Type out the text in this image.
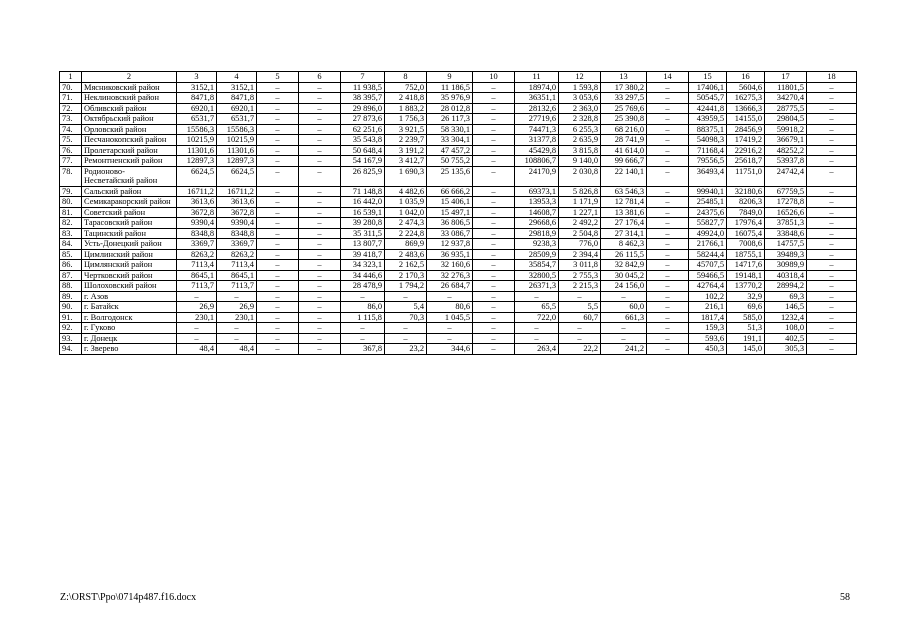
1	2	3	4	5	6	7	8	9	10	11	12	13	14	15	16	17	18
70.	Мясниковский район	3152,1	3152,1	–	–	11 938,5	752,0	11 186,5	–	18974,0	1 593,8	17 380,2	–	17406,1	5604,6	11801,5	–
71.	Неклиновский район	8471,8	8471,8	–	–	38 395,7	2 418,8	35 976,9	–	36351,1	3 053,6	33 297,5	–	50545,7	16275,3	34270,4	–
72.	Обливский район	6920,1	6920,1	–	–	29 896,0	1 883,2	28 012,8	–	28132,6	2 363,0	25 769,6	–	42441,8	13666,3	28775,5	–
73.	Октябрьский район	6531,7	6531,7	–	–	27 873,6	1 756,3	26 117,3	–	27719,6	2 328,8	25 390,8	–	43959,5	14155,0	29804,5	–
74.	Орловский район	15586,3	15586,3	–	–	62 251,6	3 921,5	58 330,1	–	74471,3	6 255,3	68 216,0	–	88375,1	28456,9	59918,2	–
75.	Песчанокопский район	10215,9	10215,9	–	–	35 543,8	2 239,7	33 304,1	–	31377,8	2 635,9	28 741,9	–	54098,3	17419,2	36679,1	–
76.	Пролетарский район	11301,6	11301,6	–	–	50 648,4	3 191,2	47 457,2	–	45429,8	3 815,8	41 614,0	–	71168,4	22916,2	48252,2	–
77.	Ремонтненский район	12897,3	12897,3	–	–	54 167,9	3 412,7	50 755,2	–	108806,7	9 140,0	99 666,7	–	79556,5	25618,7	53937,8	–
78.	Родионово-Несветайский район	6624,5	6624,5	–	–	26 825,9	1 690,3	25 135,6	–	24170,9	2 030,8	22 140,1	–	36493,4	11751,0	24742,4	–
79.	Сальский район	16711,2	16711,2	–	–	71 148,8	4 482,6	66 666,2	–	69373,1	5 826,8	63 546,3	–	99940,1	32180,6	67759,5	–
80.	Семикаракорский район	3613,6	3613,6	–	–	16 442,0	1 035,9	15 406,1	–	13953,3	1 171,9	12 781,4	–	25485,1	8206,3	17278,8	–
81.	Советский район	3672,8	3672,8	–	–	16 539,1	1 042,0	15 497,1	–	14608,7	1 227,1	13 381,6	–	24375,6	7849,0	16526,6	–
82.	Тарасовский район	9390,4	9390,4	–	–	39 280,8	2 474,3	36 806,5	–	29668,6	2 492,2	27 176,4	–	55827,7	17976,4	37851,3	–
83.	Тацинский район	8348,8	8348,8	–	–	35 311,5	2 224,8	33 086,7	–	29818,9	2 504,8	27 314,1	–	49924,0	16075,4	33848,6	–
84.	Усть-Донецкий район	3369,7	3369,7	–	–	13 807,7	869,9	12 937,8	–	9238,3	776,0	8 462,3	–	21766,1	7008,6	14757,5	–
85.	Цимлинский район	8263,2	8263,2	–	–	39 418,7	2 483,6	36 935,1	–	28509,9	2 394,4	26 115,5	–	58244,4	18755,1	39489,3	–
86.	Цимлянский район	7113,4	7113,4	–	–	34 323,1	2 162,5	32 160,6	–	35854,7	3 011,8	32 842,9	–	45707,5	14717,6	30989,9	–
87.	Чертковский район	8645,1	8645,1	–	–	34 446,6	2 170,3	32 276,3	–	32800,5	2 755,3	30 045,2	–	59466,5	19148,1	40318,4	–
88.	Шолоховский район	7113,7	7113,7	–	–	28 478,9	1 794,2	26 684,7	–	26371,3	2 215,3	24 156,0	–	42764,4	13770,2	28994,2	–
89.	г. Азов	–	–	–	–	–	–	–	–	–	–	–	–	102,2	32,9	69,3	–
90.	г. Батайск	26,9	26,9	–	–	86,0	5,4	80,6	–	65,5	5,5	60,0	–	216,1	69,6	146,5	–
91.	г. Волгодонск	230,1	230,1	–	–	1 115,8	70,3	1 045,5	–	722,0	60,7	661,3	–	1817,4	585,0	1232,4	–
92.	г. Гуково	–	–	–	–	–	–	–	–	–	–	–	–	159,3	51,3	108,0	–
93.	г. Донецк	–	–	–	–	–	–	–	–	–	–	–	–	593,6	191,1	402,5	–
94.	г. Зверево	48,4	48,4	–	–	367,8	23,2	344,6	–	263,4	22,2	241,2	–	450,3	145,0	305,3	–
Z:\ORST\Ppo\0714p487.f16.docx	58
